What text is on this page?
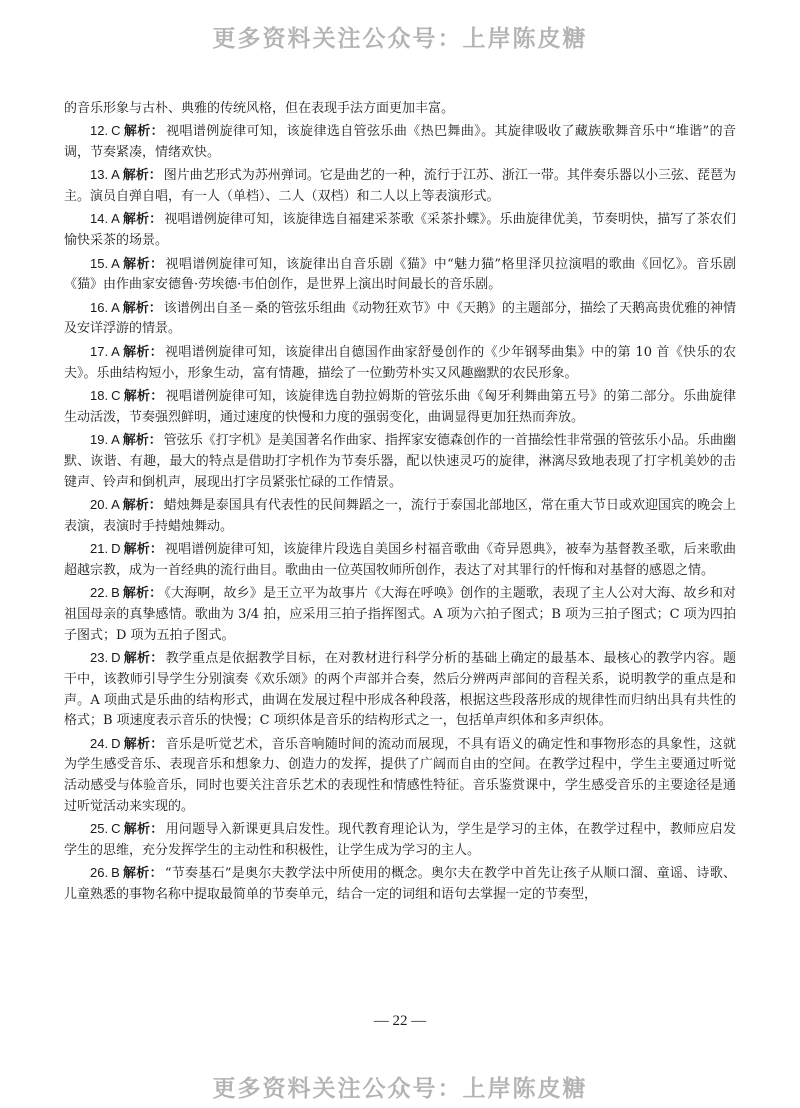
更多资料关注公众号：上岸陈皮糖

的音乐形象与古朴、典雅的传统风格，但在表现手法方面更加丰富。

12. C 解析： 视唱谱例旋律可知，该旋律选自管弦乐曲《热巴舞曲》。其旋律吸收了藏族歌舞音乐中“堆谐”的音调，节奏紧凑，情绪欢快。

13. A 解析： 图片曲艺形式为苏州弹词。它是曲艺的一种，流行于江苏、浙江一带。其伴奏乐器以小三弦、琵琶为主。演员自弹自唱，有一人（单档）、二人（双档）和二人以上等表演形式。

14. A 解析： 视唱谱例旋律可知，该旋律选自福建采茶歌《采茶扑蝶》。乐曲旋律优美，节奏明快，描写了茶农们愉快采茶的场景。

15. A 解析： 视唱谱例旋律可知，该旋律出自音乐剧《猫》中“魅力猫”格里泽贝拉演唱的歌曲《回忆》。音乐剧《猫》由作曲家安德鲁·劳埃德·韦伯创作，是世界上演出时间最长的音乐剧。

16. A 解析： 该谱例出自圣－桑的管弦乐组曲《动物狂欢节》中《天鹅》的主题部分，描绘了天鹅高贵优雅的神情及安详浮游的情景。

17. A 解析： 视唱谱例旋律可知，该旋律出自德国作曲家舒曼创作的《少年钢琴曲集》中的第 10 首《快乐的农夫》。乐曲结构短小，形象生动，富有情趣，描绘了一位勤劳朴实又风趣幽默的农民形象。

18. C 解析： 视唱谱例旋律可知，该旋律选自勃拉姆斯的管弦乐曲《匈牙利舞曲第五号》的第二部分。乐曲旋律生动活泼，节奏强烈鲜明，通过速度的快慢和力度的强弱变化，曲调显得更加狂热而奔放。

19. A 解析： 管弦乐《打字机》是美国著名作曲家、指挥家安德森创作的一首描绘性非常强的管弦乐小品。乐曲幽默、诙谐、有趣，最大的特点是借助打字机作为节奏乐器，配以快速灵巧的旋律，淋漓尽致地表现了打字机美妙的击键声、铃声和倒机声，展现出打字员紧张忙碌的工作情景。

20. A 解析： 蜡烛舞是泰国具有代表性的民间舞蹈之一，流行于泰国北部地区，常在重大节日或欢迎国宾的晚会上表演，表演时手持蜡烛舞动。

21. D 解析： 视唱谱例旋律可知，该旋律片段选自美国乡村福音歌曲《奇异恩典》，被奉为基督教圣歌，后来歌曲超越宗教，成为一首经典的流行曲目。歌曲由一位英国牧师所创作，表达了对其罪行的忏悔和对基督的感恩之情。

22. B 解析： 《大海啊，故乡》是王立平为故事片《大海在呼唤》创作的主题歌，表现了主人公对大海、故乡和对祖国母亲的真挚感情。歌曲为 3/4 拍，应采用三拍子指挥图式。A 项为六拍子图式；B 项为三拍子图式；C 项为四拍子图式；D 项为五拍子图式。

23. D 解析： 教学重点是依据教学目标，在对教材进行科学分析的基础上确定的最基本、最核心的教学内容。题干中，该教师引导学生分别演奏《欢乐颂》的两个声部并合奏，然后分辨两声部间的音程关系，说明教学的重点是和声。A 项曲式是乐曲的结构形式，曲调在发展过程中形成各种段落，根据这些段落形成的规律性而归纳出具有共性的格式；B 项速度表示音乐的快慢；C 项织体是音乐的结构形式之一，包括单声织体和多声织体。

24. D 解析： 音乐是听觉艺术，音乐音响随时间的流动而展现，不具有语义的确定性和事物形态的具象性，这就为学生感受音乐、表现音乐和想象力、创造力的发挥，提供了广阔而自由的空间。在教学过程中，学生主要通过听觉活动感受与体验音乐，同时也要关注音乐艺术的表现性和情感性特征。音乐鉴赏课中，学生感受音乐的主要途径是通过听觉活动来实现的。

25. C 解析： 用问题导入新课更具启发性。现代教育理论认为，学生是学习的主体，在教学过程中，教师应启发学生的思维，充分发挥学生的主动性和积极性，让学生成为学习的主人。

26. B 解析： “节奏基石”是奥尔夫教学法中所使用的概念。奥尔夫在教学中首先让孩子从顺口溜、童谣、诗歌、儿童熟悉的事物名称中提取最简单的节奏单元，结合一定的词组和语句去掌握一定的节奏型，

— 22 —
更多资料关注公众号：上岸陈皮糖
